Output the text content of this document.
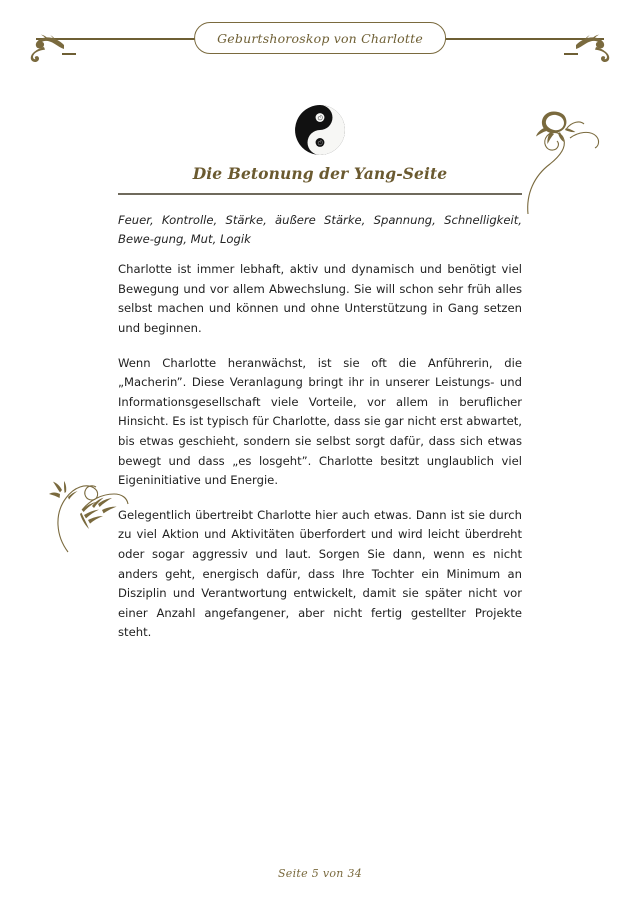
Geburtshoroskop von Charlotte
Die Betonung der Yang-Seite

Feuer, Kontrolle, Stärke, äußere Stärke, Spannung, Schnelligkeit, Bewe-gung, Mut, Logik

Charlotte ist immer lebhaft, aktiv und dynamisch und benötigt viel Bewegung und vor allem Abwechslung. Sie will schon sehr früh alles selbst machen und können und ohne Unterstützung in Gang setzen und beginnen.

Wenn Charlotte heranwächst, ist sie oft die Anführerin, die „Macherin”. Diese Veranlagung bringt ihr in unserer Leistungs- und Informationsgesellschaft viele Vorteile, vor allem in beruflicher Hinsicht. Es ist typisch für Charlotte, dass sie gar nicht erst abwartet, bis etwas geschieht, sondern sie selbst sorgt dafür, dass sich etwas bewegt und dass „es losgeht”. Charlotte besitzt unglaublich viel Eigeninitiative und Energie.

Gelegentlich übertreibt Charlotte hier auch etwas. Dann ist sie durch zu viel Aktion und Aktivitäten überfordert und wird leicht überdreht oder sogar aggressiv und laut. Sorgen Sie dann, wenn es nicht anders geht, energisch dafür, dass Ihre Tochter ein Minimum an Disziplin und Verantwortung entwickelt, damit sie später nicht vor einer Anzahl angefangener, aber nicht fertig gestellter Projekte steht.

Seite 5 von 34
